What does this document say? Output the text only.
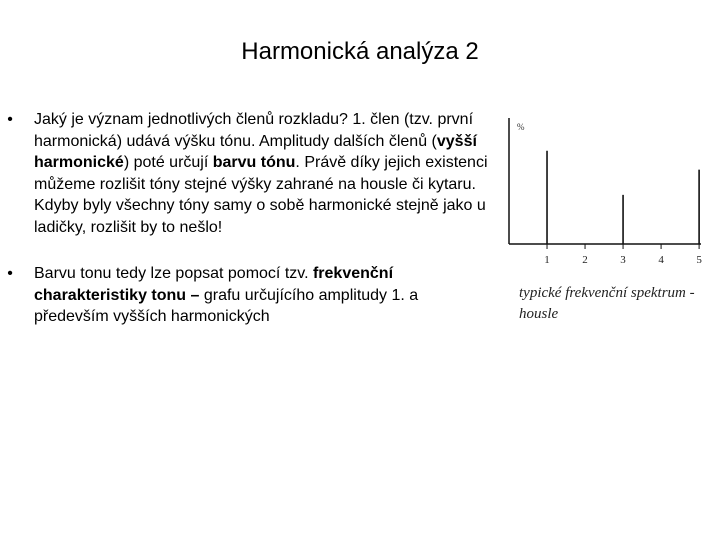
Harmonická analýza 2
• Jaký je význam jednotlivých členů rozkladu? 1. člen (tzv. první harmonická) udává výšku tónu. Amplitudy dalších členů (vyšší harmonické) poté určují barvu tónu. Právě díky jejich existenci můžeme rozlišit tóny stejné výšky zahrané na housle či kytaru. Kdyby byly všechny tóny samy o sobě harmonické stejně jako u ladičky, rozlišit by to nešlo!
• Barvu tonu tedy lze popsat pomocí tzv. frekvenční charakteristiky tonu – grafu určujícího amplitudy 1. a především vyšších harmonických
%
1	2	3	4	5
typické frekvenční spektrum - housle
